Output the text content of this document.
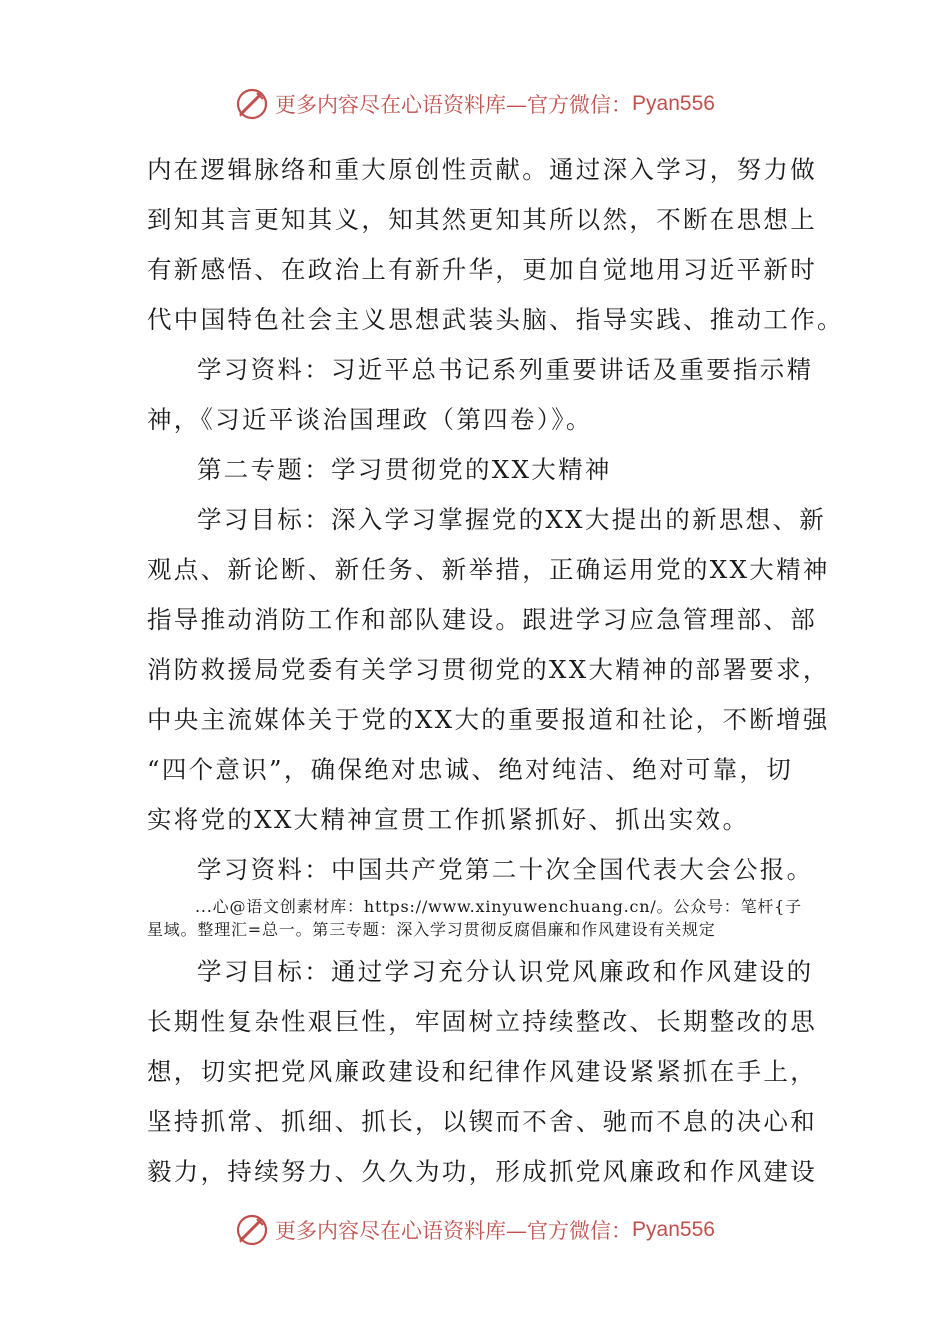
更多内容尽在心语资料库—官方微信： Pyan556
内在逻辑脉络和重大原创性贡献。通过深入学习，努力做
到知其言更知其义，知其然更知其所以然，不断在思想上
有新感悟、在政治上有新升华，更加自觉地用习近平新时
代中国特色社会主义思想武装头脑、指导实践、推动工作。
学习资料：习近平总书记系列重要讲话及重要指示精
神，《习近平谈治国理政（第四卷）》。
第二专题：学习贯彻党的XX大精神
学习目标：深入学习掌握党的XX大提出的新思想、新
观点、新论断、新任务、新举措，正确运用党的XX大精神
指导推动消防工作和部队建设。跟进学习应急管理部、部
消防救援局党委有关学习贯彻党的XX大精神的部署要求，
中央主流媒体关于党的XX大的重要报道和社论，不断增强
“四个意识”，确保绝对忠诚、绝对纯洁、绝对可靠，切
实将党的XX大精神宣贯工作抓紧抓好、抓出实效。
学习资料：中国共产党第二十次全国代表大会公报。
...心@语文创素材库：https://www.xinyuwenchuang.cn/。公众号：笔杆{子
星域。整理汇=总一。第三专题：深入学习贯彻反腐倡廉和作风建设有关规定
学习目标：通过学习充分认识党风廉政和作风建设的
长期性复杂性艰巨性，牢固树立持续整改、长期整改的思
想，切实把党风廉政建设和纪律作风建设紧紧抓在手上，
坚持抓常、抓细、抓长，以锲而不舍、驰而不息的决心和
毅力，持续努力、久久为功，形成抓党风廉政和作风建设
更多内容尽在心语资料库—官方微信： Pyan556
